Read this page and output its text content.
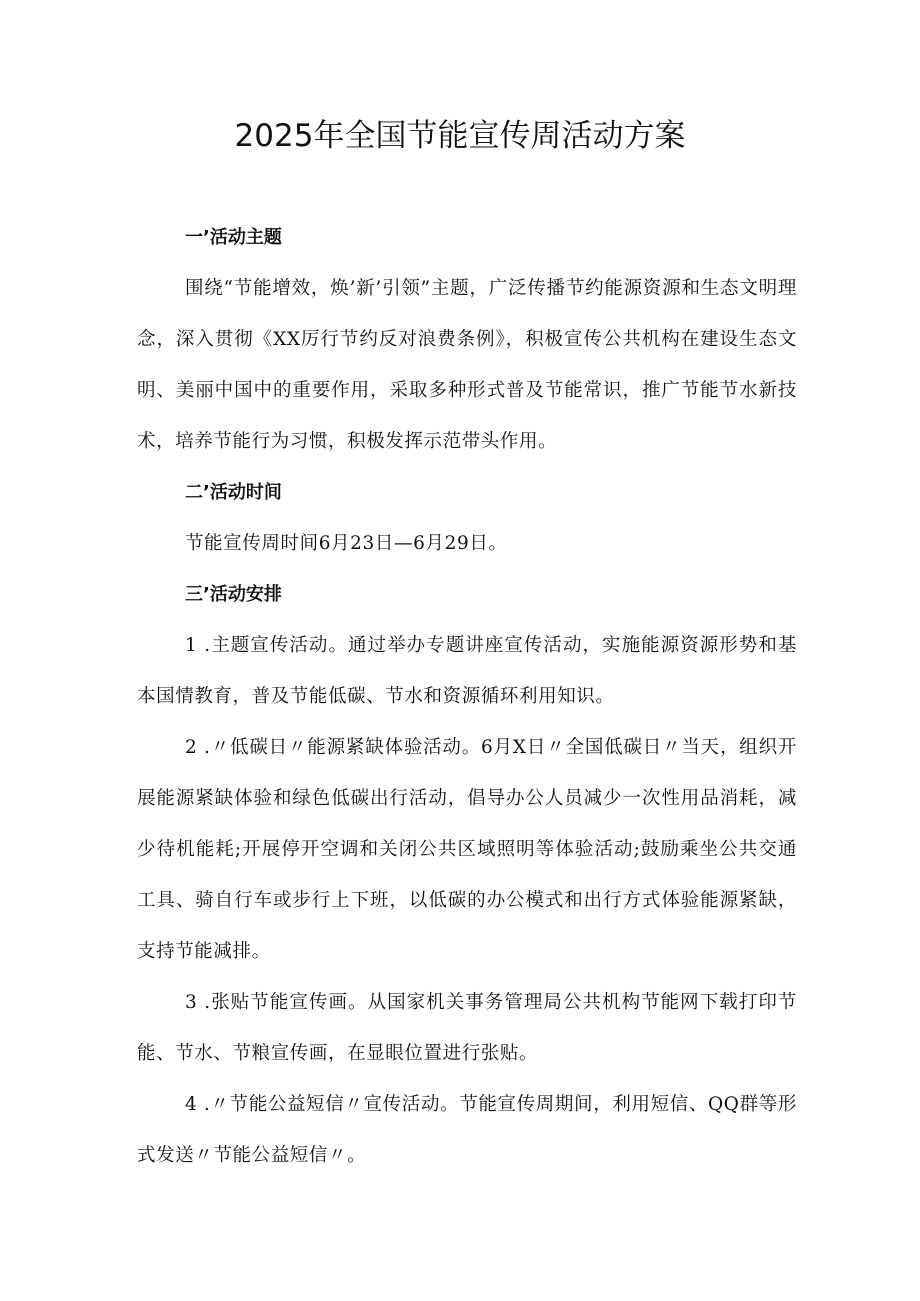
2025年全国节能宣传周活动方案

一’活动主题

围绕“节能增效，焕’新’引领”主题，广泛传播节约能源资源和生态文明理念，深入贯彻《XX厉行节约反对浪费条例》，积极宣传公共机构在建设生态文明、美丽中国中的重要作用，采取多种形式普及节能常识，推广节能节水新技术，培养节能行为习惯，积极发挥示范带头作用。

二’活动时间

节能宣传周时间6月23日—6月29日。

三’活动安排

1 .主题宣传活动。通过举办专题讲座宣传活动，实施能源资源形势和基本国情教育，普及节能低碳、节水和资源循环利用知识。

2 .〃低碳日〃能源紧缺体验活动。6月X日〃全国低碳日〃当天，组织开展能源紧缺体验和绿色低碳出行活动，倡导办公人员减少一次性用品消耗，减少待机能耗;开展停开空调和关闭公共区域照明等体验活动;鼓励乘坐公共交通工具、骑自行车或步行上下班，以低碳的办公模式和出行方式体验能源紧缺，支持节能减排。

3 .张贴节能宣传画。从国家机关事务管理局公共机构节能网下载打印节能、节水、节粮宣传画，在显眼位置进行张贴。

4 .〃节能公益短信〃宣传活动。节能宣传周期间，利用短信、QQ群等形式发送〃节能公益短信〃。
